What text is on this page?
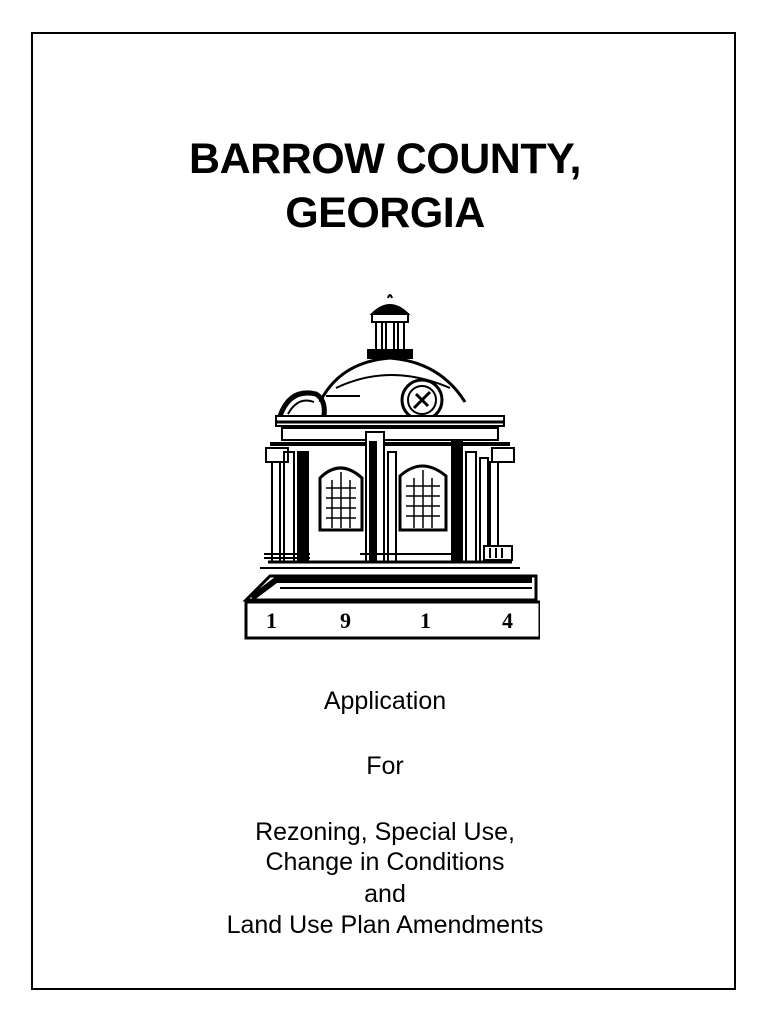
BARROW COUNTY,
GEORGIA
1	9	1	4
Application
For
Rezoning, Special Use,
Change in Conditions
and
Land Use Plan Amendments
